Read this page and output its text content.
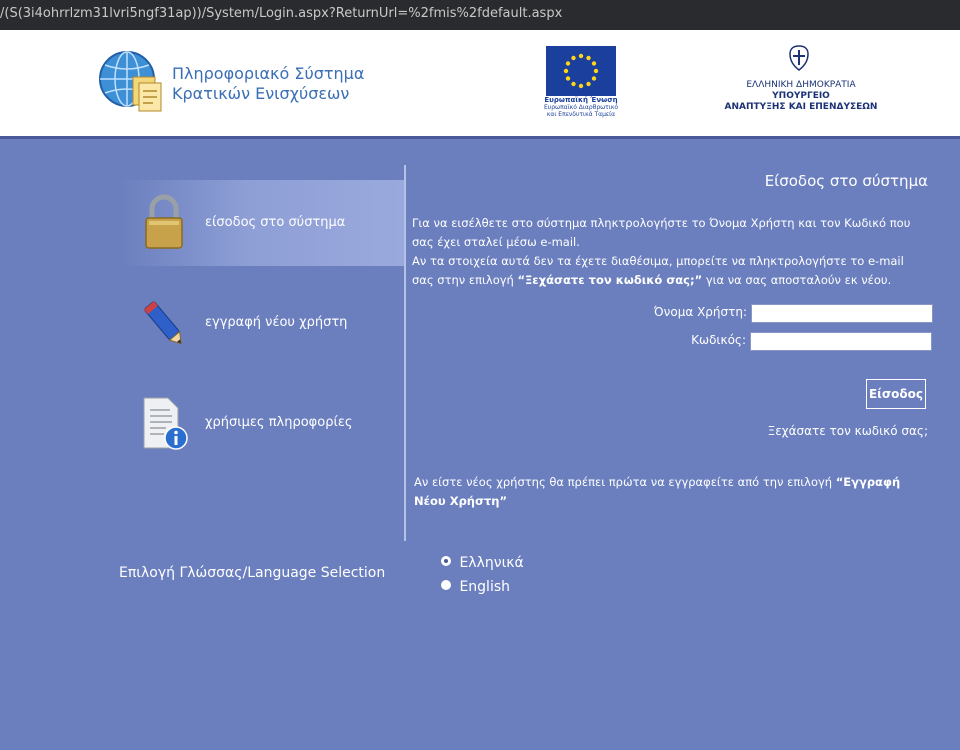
/(S(3i4ohrrlzm31lvri5ngf31ap))/System/Login.aspx?ReturnUrl=%2fmis%2fdefault.aspx
Πληροφοριακό Σύστημα
Κρατικών Ενισχύσεων	Ευρωπαϊκή Ένωση
Ευρωπαϊκό Διαρθρωτικό
και Επενδυτικά Ταμεία
ΕΛΛΗΝΙΚΗ ΔΗΜΟΚΡΑΤΙΑ
ΥΠΟΥΡΓΕΙΟ
ΑΝΑΠΤΥΞΗΣ ΚΑΙ ΕΠΕΝΔΥΣΕΩΝ
είσοδος στο σύστημα
εγγραφή νέου χρήστη
χρήσιμες πληροφορίες
Είσοδος στο σύστημα
Για να εισέλθετε στο σύστημα πληκτρολογήστε το Όνομα Χρήστη και τον Κωδικό που
σας έχει σταλεί μέσω e-mail.
Αν τα στοιχεία αυτά δεν τα έχετε διαθέσιμα, μπορείτε να πληκτρολογήστε το e-mail
σας στην επιλογή “Ξεχάσατε τον κωδικό σας;” για να σας αποσταλούν εκ νέου.
Όνομα Χρήστη:
Κωδικός:
Είσοδος
Ξεχάσατε τον κωδικό σας;
Αν είστε νέος χρήστης θα πρέπει πρώτα να εγγραφείτε από την επιλογή “Εγγραφή Νέου Χρήστη”
Επιλογή Γλώσσας/Language Selection
Ελληνικά
English
